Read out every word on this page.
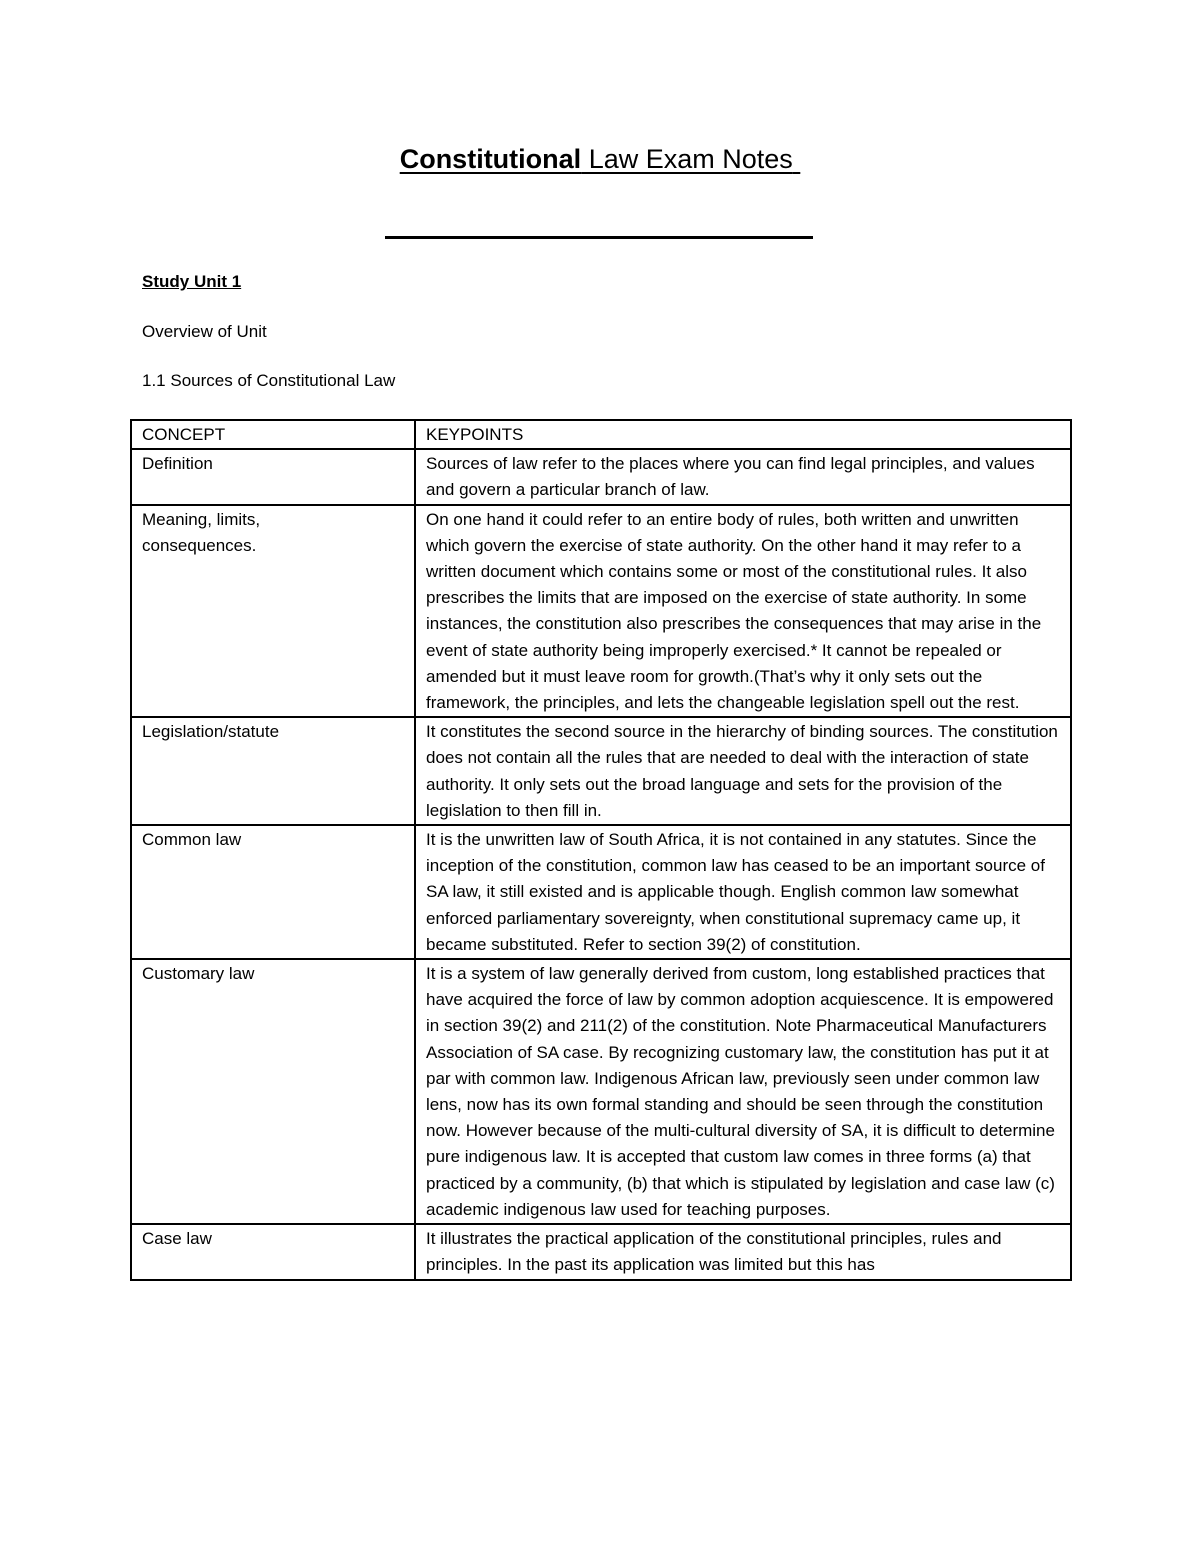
Constitutional Law Exam Notes

Study Unit 1

Overview of Unit

1.1 Sources of Constitutional Law

CONCEPT	KEYPOINTS
Definition	Sources of law refer to the places where you can find legal principles, and values and govern a particular branch of law.
Meaning, limits, consequences.	On one hand it could refer to an entire body of rules, both written and unwritten which govern the exercise of state authority. On the other hand it may refer to a written document which contains some or most of the constitutional rules. It also prescribes the limits that are imposed on the exercise of state authority. In some instances, the constitution also prescribes the consequences that may arise in the event of state authority being improperly exercised.* It cannot be repealed or amended but it must leave room for growth.(That’s why it only sets out the framework, the principles, and lets the changeable legislation spell out the rest.
Legislation/statute	It constitutes the second source in the hierarchy of binding sources. The constitution does not contain all the rules that are needed to deal with the interaction of state authority. It only sets out the broad language and sets for the provision of the legislation to then fill in.
Common law	It is the unwritten law of South Africa, it is not contained in any statutes. Since the inception of the constitution, common law has ceased to be an important source of SA law, it still existed and is applicable though. English common law somewhat enforced parliamentary sovereignty, when constitutional supremacy came up, it became substituted. Refer to section 39(2) of constitution.
Customary law	It is a system of law generally derived from custom, long established practices that have acquired the force of law by common adoption acquiescence. It is empowered in section 39(2) and 211(2) of the constitution. Note Pharmaceutical Manufacturers Association of SA case. By recognizing customary law, the constitution has put it at par with common law. Indigenous African law, previously seen under common law lens, now has its own formal standing and should be seen through the constitution now. However because of the multi-cultural diversity of SA, it is difficult to determine pure indigenous law. It is accepted that custom law comes in three forms (a) that practiced by a community, (b) that which is stipulated by legislation and case law (c) academic indigenous law used for teaching purposes.
Case law	It illustrates the practical application of the constitutional principles, rules and principles. In the past its application was limited but this has
